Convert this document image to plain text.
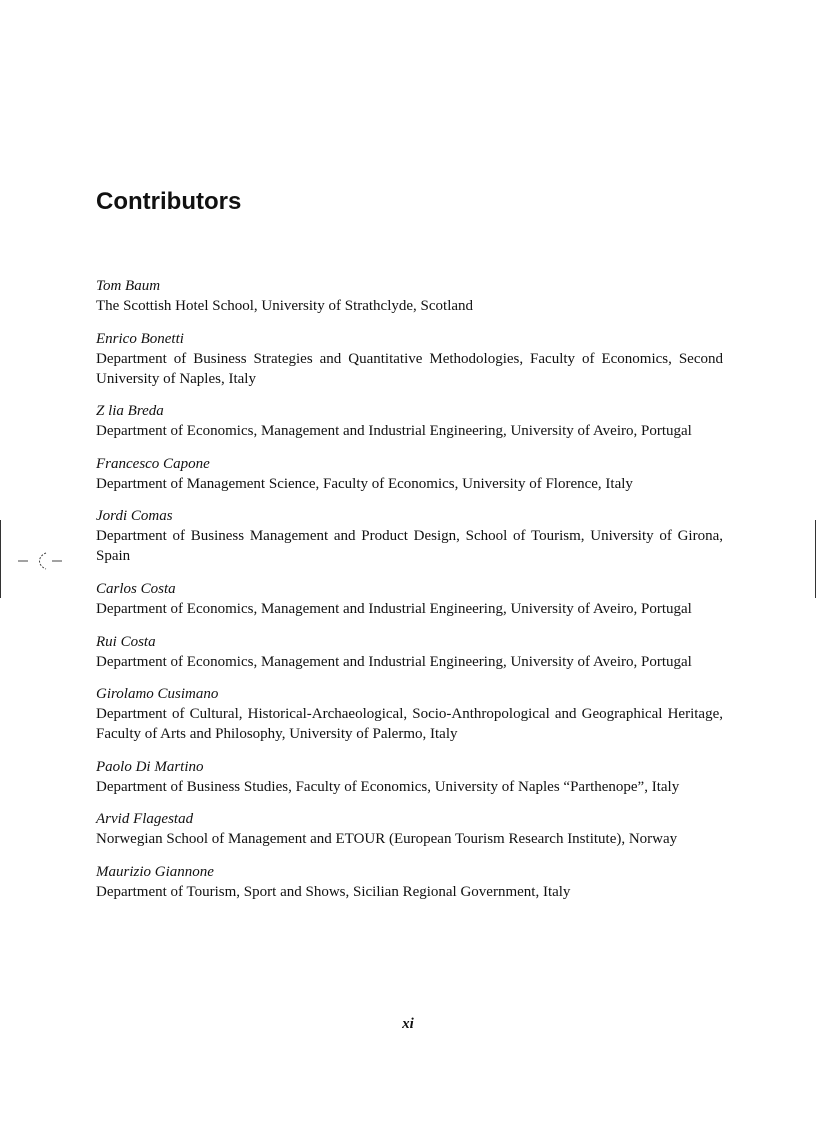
Contributors
Tom Baum
The Scottish Hotel School, University of Strathclyde, Scotland
Enrico Bonetti
Department of Business Strategies and Quantitative Methodologies, Faculty of Economics, Second University of Naples, Italy
Z lia Breda
Department of Economics, Management and Industrial Engineering, University of Aveiro, Portugal
Francesco Capone
Department of Management Science, Faculty of Economics, University of Florence, Italy
Jordi Comas
Department of Business Management and Product Design, School of Tourism, University of Girona, Spain
Carlos Costa
Department of Economics, Management and Industrial Engineering, University of Aveiro, Portugal
Rui Costa
Department of Economics, Management and Industrial Engineering, University of Aveiro, Portugal
Girolamo Cusimano
Department of Cultural, Historical-Archaeological, Socio-Anthropological and Geographical Heritage, Faculty of Arts and Philosophy, University of Palermo, Italy
Paolo Di Martino
Department of Business Studies, Faculty of Economics, University of Naples “Parthenope”, Italy
Arvid Flagestad
Norwegian School of Management and ETOUR (European Tourism Research Institute), Norway
Maurizio Giannone
Department of Tourism, Sport and Shows, Sicilian Regional Government, Italy
xi
